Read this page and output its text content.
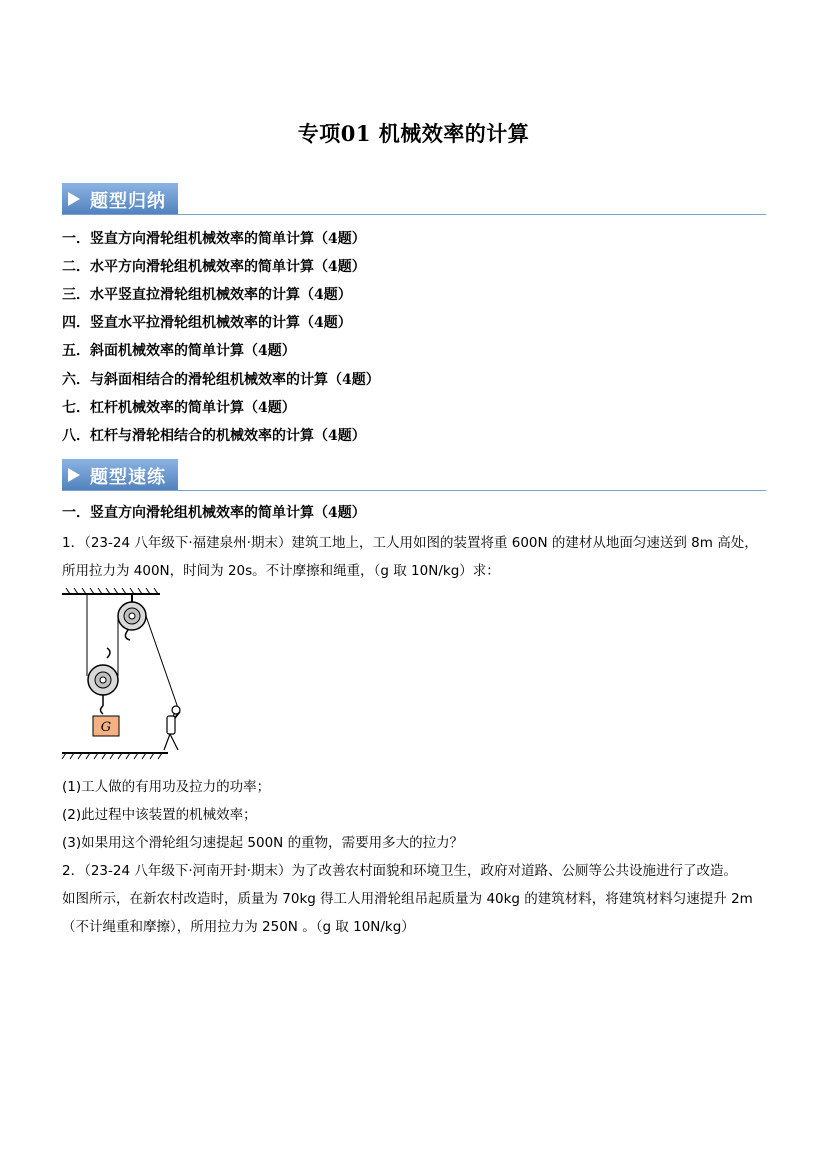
专项01 机械效率的计算
题型归纳
一．竖直方向滑轮组机械效率的简单计算（4题）
二．水平方向滑轮组机械效率的简单计算（4题）
三．水平竖直拉滑轮组机械效率的计算（4题）
四．竖直水平拉滑轮组机械效率的计算（4题）
五．斜面机械效率的简单计算（4题）
六．与斜面相结合的滑轮组机械效率的计算（4题）
七．杠杆机械效率的简单计算（4题）
八．杠杆与滑轮相结合的机械效率的计算（4题）
题型速练
一．竖直方向滑轮组机械效率的简单计算（4题）
1．（23-24 八年级下·福建泉州·期末）建筑工地上，工人用如图的装置将重 600N 的建材从地面匀速送到 8m 高处，
所用拉力为 400N，时间为 20s。不计摩擦和绳重，（g 取 10N/kg）求：
G
(1)工人做的有用功及拉力的功率；
(2)此过程中该装置的机械效率；
(3)如果用这个滑轮组匀速提起 500N 的重物，需要用多大的拉力？
2．（23-24 八年级下·河南开封·期末）为了改善农村面貌和环境卫生，政府对道路、公厕等公共设施进行了改造。
如图所示，在新农村改造时，质量为 70kg 得工人用滑轮组吊起质量为 40kg 的建筑材料，将建筑材料匀速提升 2m
（不计绳重和摩擦），所用拉力为 250N 。（g 取 10N/kg）
